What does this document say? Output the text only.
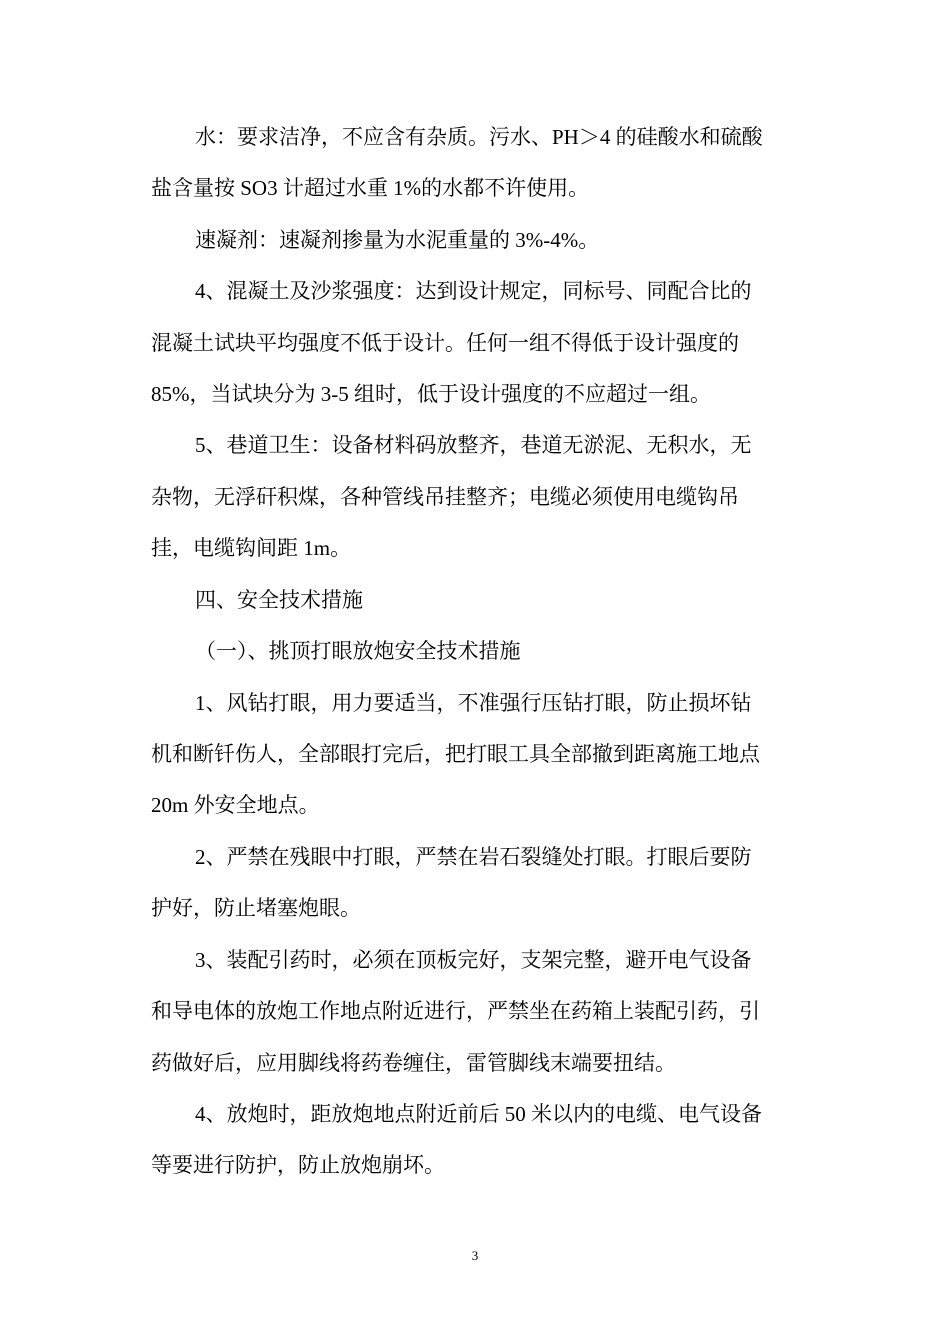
水：要求洁净，不应含有杂质。污水、PH＞4 的硅酸水和硫酸
盐含量按 SO3 计超过水重 1%的水都不许使用。
速凝剂：速凝剂掺量为水泥重量的 3%-4%。
4、混凝土及沙浆强度：达到设计规定，同标号、同配合比的
混凝土试块平均强度不低于设计。任何一组不得低于设计强度的
85%，当试块分为 3-5 组时，低于设计强度的不应超过一组。
5、巷道卫生：设备材料码放整齐，巷道无淤泥、无积水，无
杂物，无浮矸积煤，各种管线吊挂整齐；电缆必须使用电缆钩吊
挂，电缆钩间距 1m。
四、安全技术措施
（一）、挑顶打眼放炮安全技术措施
1、风钻打眼，用力要适当，不准强行压钻打眼，防止损坏钻
机和断钎伤人，全部眼打完后，把打眼工具全部撤到距离施工地点
20m 外安全地点。
2、严禁在残眼中打眼，严禁在岩石裂缝处打眼。打眼后要防
护好，防止堵塞炮眼。
3、装配引药时，必须在顶板完好，支架完整，避开电气设备
和导电体的放炮工作地点附近进行，严禁坐在药箱上装配引药，引
药做好后，应用脚线将药卷缠住，雷管脚线末端要扭结。
4、放炮时，距放炮地点附近前后 50 米以内的电缆、电气设备
等要进行防护，防止放炮崩坏。
3
